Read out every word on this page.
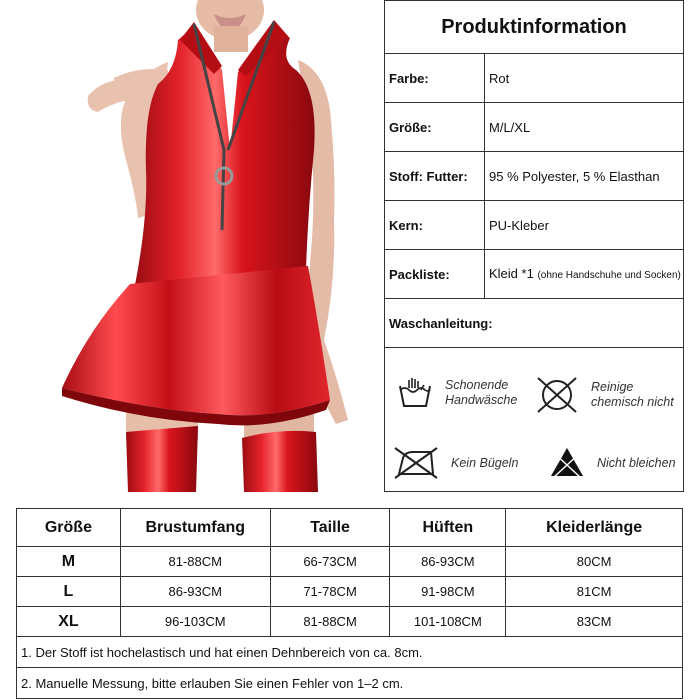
Produktinformation
Farbe:	Rot
Größe:	M/L/XL
Stoff: Futter:	95 % Polyester, 5 % Elasthan
Kern:	PU-Kleber
Packliste:	Kleid *1 (ohne Handschuhe und Socken)
Waschanleitung:
Schonende
Handwäsche
Reinige
chemisch nicht
Kein Bügeln	Nicht bleichen
Größe	Brustumfang	Taille	Hüften	Kleiderlänge
M	81-88CM	66-73CM	86-93CM	80CM
L	86-93CM	71-78CM	91-98CM	81CM
XL	96-103CM	81-88CM	101-108CM	83CM
1. Der Stoff ist hochelastisch und hat einen Dehnbereich von ca. 8cm.				
2. Manuelle Messung, bitte erlauben Sie einen Fehler von 1–2 cm.				
